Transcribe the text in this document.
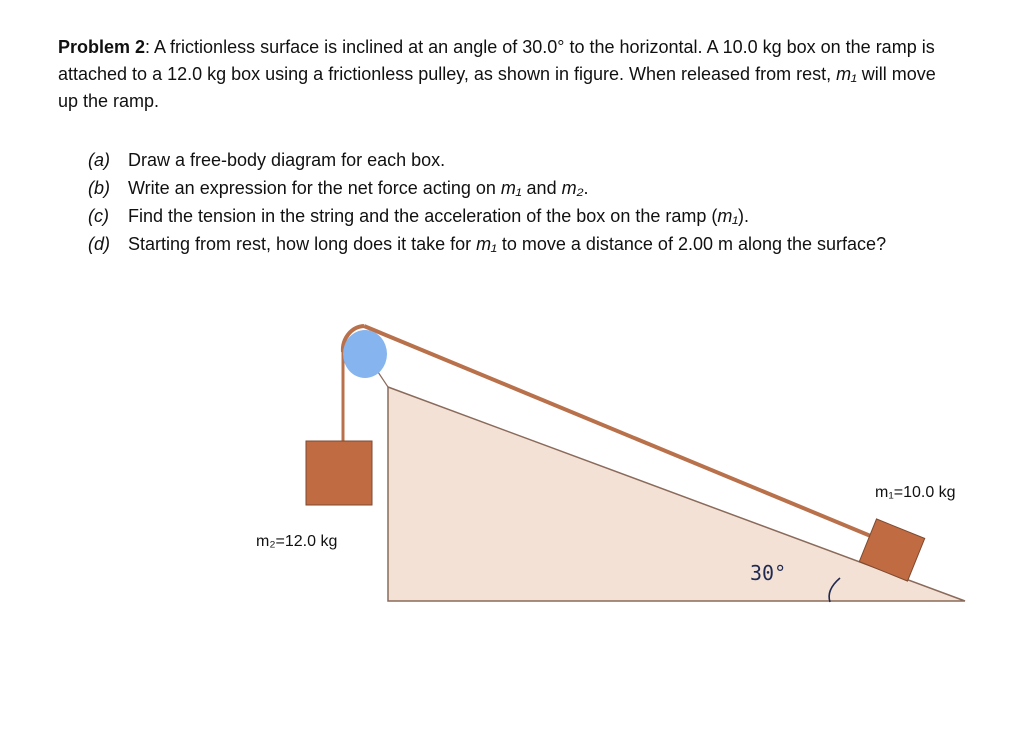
Problem 2: A frictionless surface is inclined at an angle of 30.0° to the horizontal. A 10.0 kg box on the ramp is attached to a 12.0 kg box using a frictionless pulley, as shown in figure. When released from rest, m₁ will move up the ramp.
(a)	Draw a free-body diagram for each box.
(b)	Write an expression for the net force acting on m₁ and m₂.
(c)	Find the tension in the string and the acceleration of the box on the ramp (m₁).
(d)	Starting from rest, how long does it take for m₁ to move a distance of 2.00 m along the surface?
m₁=10.0 kg
m₂=12.0 kg
30°
